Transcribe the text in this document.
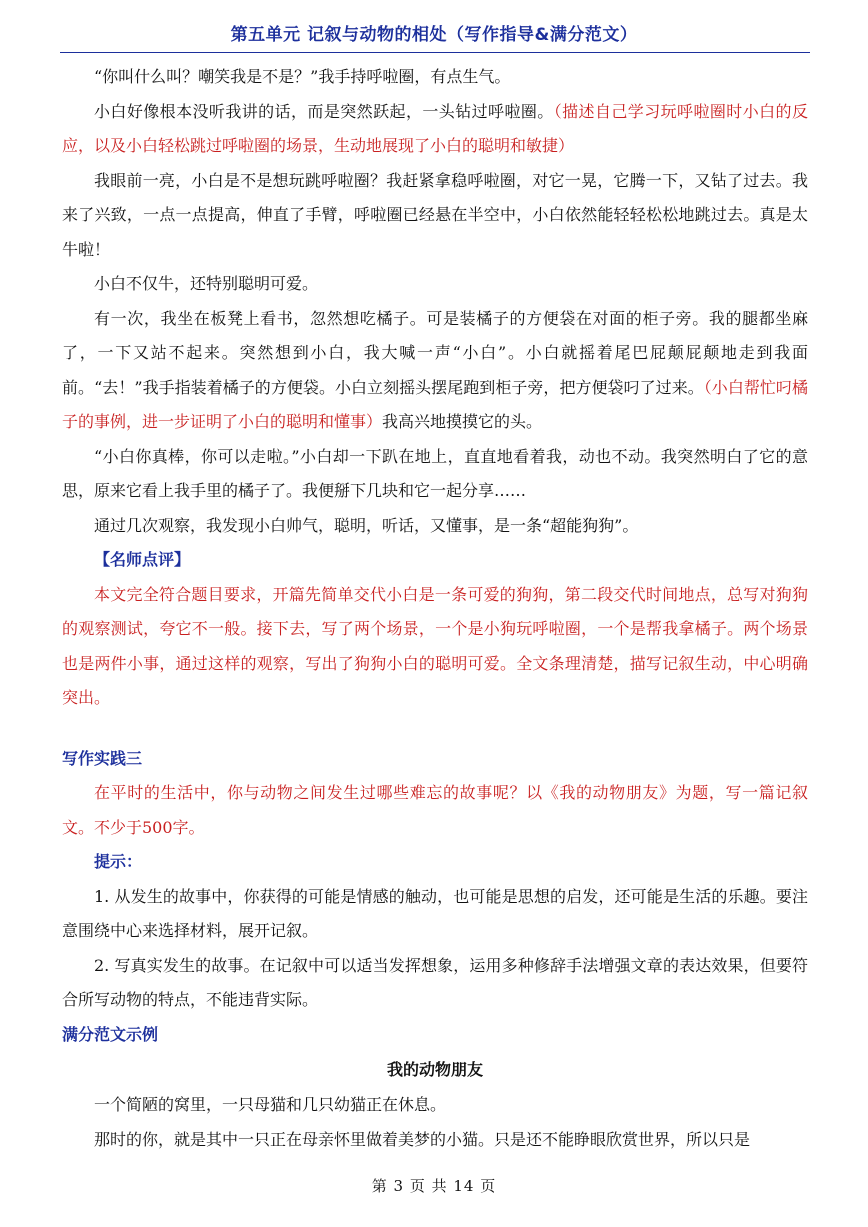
第五单元 记叙与动物的相处（写作指导&满分范文）

“你叫什么叫？嘲笑我是不是？”我手持呼啦圈，有点生气。

小白好像根本没听我讲的话，而是突然跃起，一头钻过呼啦圈。（描述自己学习玩呼啦圈时小白的反应，以及小白轻松跳过呼啦圈的场景，生动地展现了小白的聪明和敏捷）

我眼前一亮，小白是不是想玩跳呼啦圈？我赶紧拿稳呼啦圈，对它一晃，它腾一下，又钻了过去。我来了兴致，一点一点提高，伸直了手臂，呼啦圈已经悬在半空中，小白依然能轻轻松松地跳过去。真是太牛啦！

小白不仅牛，还特别聪明可爱。

有一次，我坐在板凳上看书，忽然想吃橘子。可是装橘子的方便袋在对面的柜子旁。我的腿都坐麻了，一下又站不起来。突然想到小白，我大喊一声“小白”。小白就摇着尾巴屁颠屁颠地走到我面前。“去！”我手指装着橘子的方便袋。小白立刻摇头摆尾跑到柜子旁，把方便袋叼了过来。（小白帮忙叼橘子的事例，进一步证明了小白的聪明和懂事）我高兴地摸摸它的头。

“小白你真棒，你可以走啦。”小白却一下趴在地上，直直地看着我，动也不动。我突然明白了它的意思，原来它看上我手里的橘子了。我便掰下几块和它一起分享……

通过几次观察，我发现小白帅气，聪明，听话，又懂事，是一条“超能狗狗”。

【名师点评】

本文完全符合题目要求，开篇先简单交代小白是一条可爱的狗狗，第二段交代时间地点，总写对狗狗的观察测试，夸它不一般。接下去，写了两个场景，一个是小狗玩呼啦圈，一个是帮我拿橘子。两个场景也是两件小事，通过这样的观察，写出了狗狗小白的聪明可爱。全文条理清楚，描写记叙生动，中心明确突出。

写作实践三

在平时的生活中，你与动物之间发生过哪些难忘的故事呢？以《我的动物朋友》为题，写一篇记叙文。不少于500字。

提示：

1. 从发生的故事中，你获得的可能是情感的触动，也可能是思想的启发，还可能是生活的乐趣。要注意围绕中心来选择材料，展开记叙。

2. 写真实发生的故事。在记叙中可以适当发挥想象，运用多种修辞手法增强文章的表达效果，但要符合所写动物的特点，不能违背实际。

满分范文示例

我的动物朋友

一个简陋的窝里，一只母猫和几只幼猫正在休息。

那时的你，就是其中一只正在母亲怀里做着美梦的小猫。只是还不能睁眼欣赏世界，所以只是

第 3 页 共 14 页
